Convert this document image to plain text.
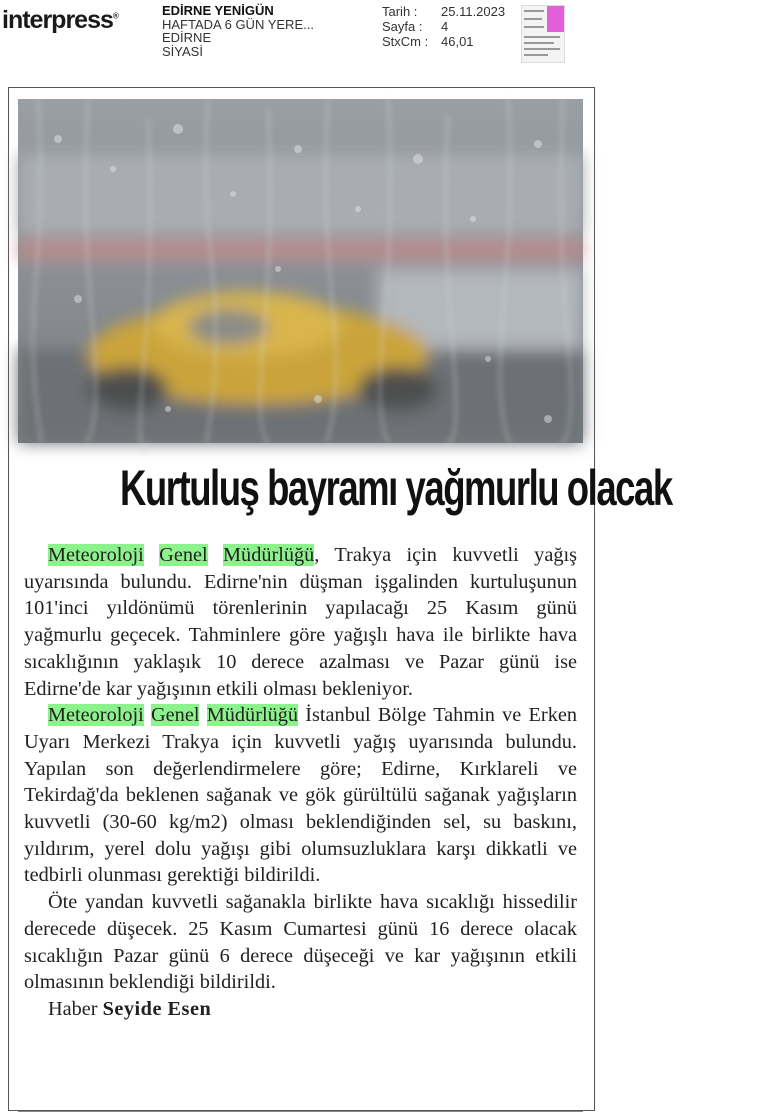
interpress®	EDİRNE YENİGÜN
HAFTADA 6 GÜN YERE...
EDİRNE
SİYASİ
Tarih :	25.11.2023
Sayfa :	4
StxCm : 46,01
Kurtuluş bayramı yağmurlu olacak

Meteoroloji Genel Müdürlüğü, Trakya için kuvvetli yağış uyarısında bulundu. Edirne'nin düşman işgalinden kurtuluşunun 101'inci yıldönümü törenlerinin yapılacağı 25 Kasım günü yağmurlu geçecek. Tahminlere göre yağışlı hava ile birlikte hava sıcaklığının yaklaşık 10 derece azalması ve Pazar günü ise Edirne'de kar yağışının etkili olması bekleniyor.

Meteoroloji Genel Müdürlüğü İstanbul Bölge Tahmin ve Erken Uyarı Merkezi Trakya için kuvvetli yağış uyarısında bulundu. Yapılan son değerlendirmelere göre; Edirne, Kırklareli ve Tekirdağ'da beklenen sağanak ve gök gürültülü sağanak yağışların kuvvetli (30-60 kg/m2) olması beklendiğinden sel, su baskını, yıldırım, yerel dolu yağışı gibi olumsuzluklara karşı dikkatli ve tedbirli olunması gerektiği bildirildi.

Öte yandan kuvvetli sağanakla birlikte hava sıcaklığı hissedilir derecede düşecek. 25 Kasım Cumartesi günü 16 derece olacak sıcaklığın Pazar günü 6 derece düşeceği ve kar yağışının etkili olmasının beklendiği bildirildi.

Haber Seyide Esen
